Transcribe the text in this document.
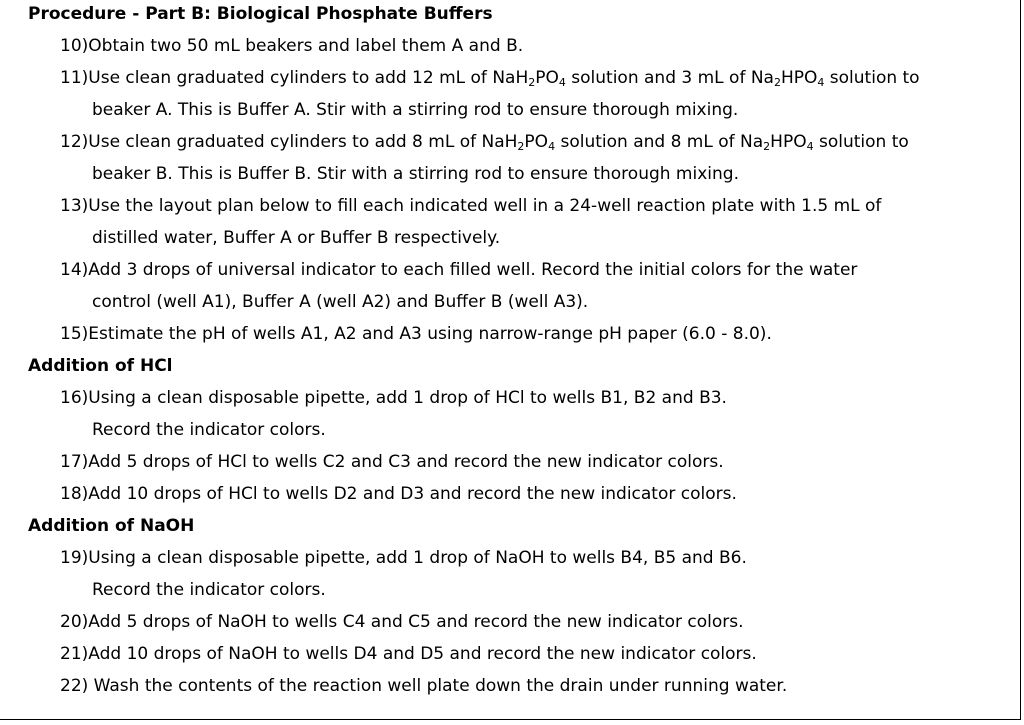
Procedure - Part B: Biological Phosphate Buffers
10)Obtain two 50 mL beakers and label them A and B.
11)Use clean graduated cylinders to add 12 mL of $NaH_2PO_4$ solution and 3 mL of $Na_2HPO_4$ solution to
beaker A. This is Buffer A. Stir with a stirring rod to ensure thorough mixing.
12)Use clean graduated cylinders to add 8 mL of $NaH_2PO_4$ solution and 8 mL of $Na_2HPO_4$ solution to
beaker B. This is Buffer B. Stir with a stirring rod to ensure thorough mixing.
13)Use the layout plan below to fill each indicated well in a 24-well reaction plate with 1.5 mL of
distilled water, Buffer A or Buffer B respectively.
14)Add 3 drops of universal indicator to each filled well. Record the initial colors for the water
control (well A1), Buffer A (well A2) and Buffer B (well A3).
15)Estimate the pH of wells A1, A2 and A3 using narrow-range pH paper (6.0 - 8.0).
Addition of HCl
16)Using a clean disposable pipette, add 1 drop of HCl to wells B1, B2 and B3.
Record the indicator colors.
17)Add 5 drops of HCl to wells C2 and C3 and record the new indicator colors.
18)Add 10 drops of HCl to wells D2 and D3 and record the new indicator colors.
Addition of NaOH
19)Using a clean disposable pipette, add 1 drop of NaOH to wells B4, B5 and B6.
Record the indicator colors.
20)Add 5 drops of NaOH to wells C4 and C5 and record the new indicator colors.
21)Add 10 drops of NaOH to wells D4 and D5 and record the new indicator colors.
22) Wash the contents of the reaction well plate down the drain under running water.
